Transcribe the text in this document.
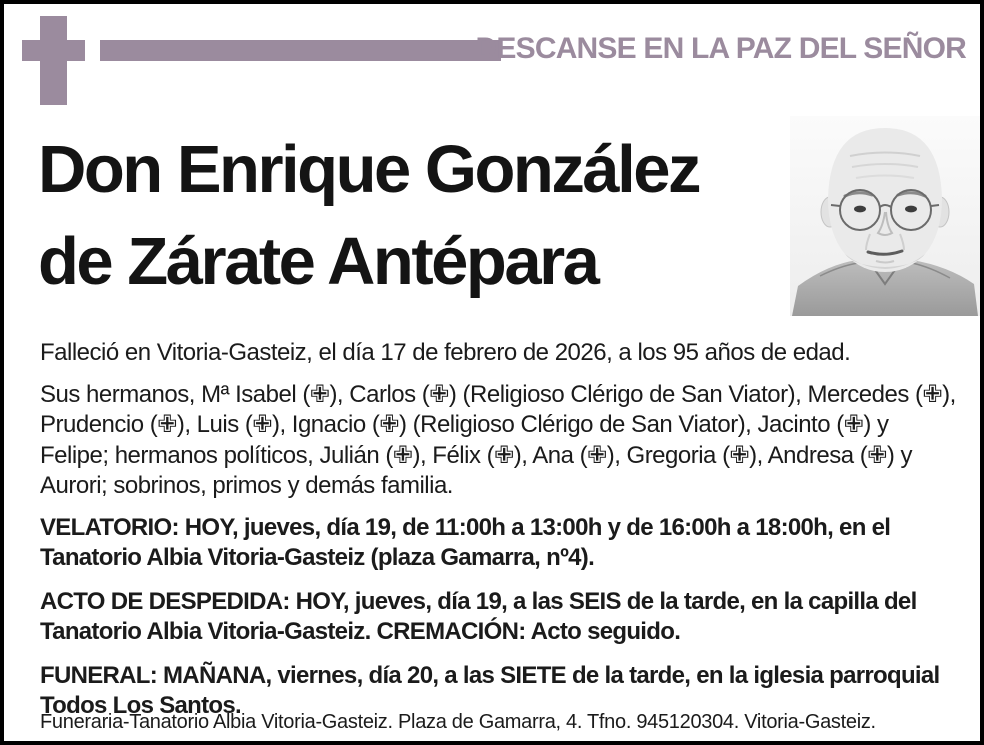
DESCANSE EN LA PAZ DEL SEÑOR
Don Enrique González
de Zárate Antépara

Falleció en Vitoria-Gasteiz, el día 17 de febrero de 2026, a los 95 años de edad.

Sus hermanos, Mª Isabel (✙), Carlos (✙) (Religioso Clérigo de San Viator), Mercedes (✙), Prudencio (✙), Luis (✙), Ignacio (✙) (Religioso Clérigo de San Viator), Jacinto (✙) y Felipe; hermanos políticos, Julián (✙), Félix (✙), Ana (✙), Gregoria (✙), Andresa (✙) y Aurori; sobrinos, primos y demás familia.

VELATORIO: HOY, jueves, día 19, de 11:00h a 13:00h y de 16:00h a 18:00h, en el Tanatorio Albia Vitoria-Gasteiz (plaza Gamarra, nº4).

ACTO DE DESPEDIDA: HOY, jueves, día 19, a las SEIS de la tarde, en la capilla del Tanatorio Albia Vitoria-Gasteiz. CREMACIÓN: Acto seguido.

FUNERAL: MAÑANA, viernes, día 20, a las SIETE de la tarde, en la iglesia parroquial Todos Los Santos.

Funeraria-Tanatorio Albia Vitoria-Gasteiz. Plaza de Gamarra, 4. Tfno. 945120304. Vitoria-Gasteiz.
